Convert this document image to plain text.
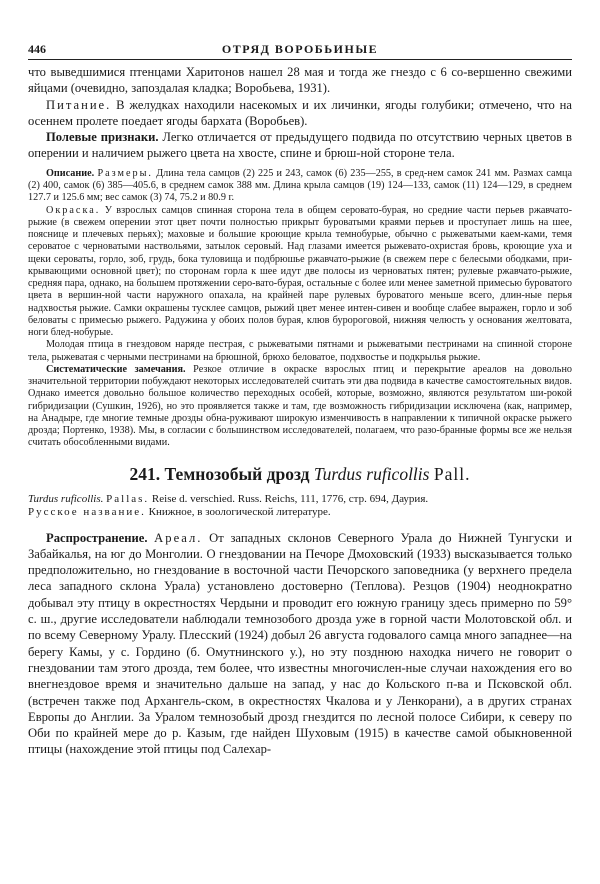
446	ОТРЯД ВОРОБЬИНЫЕ

что выведшимися птенцами Харитонов нашел 28 мая и тогда же гнездо с 6 со-вершенно свежими яйцами (очевидно, запоздалая кладка; Воробьева, 1931).

Питание. В желудках находили насекомых и их личинки, ягоды голубики; отмечено, что на осеннем пролете поедает ягоды бархата (Воробьев).

Полевые признаки. Легко отличается от предыдущего подвида по отсутствию черных цветов в оперении и наличием рыжего цвета на хвосте, спине и брюш-ной стороне тела.

Описание. Размеры. Длина тела самцов (2) 225 и 243, самок (6) 235—255, в сред-нем самок 241 мм. Размах самца (2) 400, самок (6) 385—405.6, в среднем самок 388 мм. Длина крыла самцов (19) 124—133, самок (11) 124—129, в среднем 127.7 и 125.6 мм; вес самок (3) 74, 75.2 и 80.9 г.

Окраска. У взрослых самцов спинная сторона тела в общем серовато-бурая, но средние части перьев ржавчато-рыжие (в свежем оперении этот цвет почти полностью прикрыт буроватыми краями перьев и проступает лишь на шее, пояснице и плечевых перьях); маховые и большие кроющие крыла темнобурые, обычно с рыжеватыми каем-ками, темя сероватое с черноватыми наствольями, затылок серовый. Над глазами имеется рыжевато-охристая бровь, кроющие уха и щеки сероваты, горло, зоб, грудь, бока туловища и подбрюшье ржавчато-рыжие (в свежем пере с белесыми ободками, при-крывающими основной цвет); по сторонам горла к шее идут две полосы из черноватых пятен; рулевые ржавчато-рыжие, средняя пара, однако, на большем протяжении серо-вато-бурая, остальные с более или менее заметной примесью буроватого цвета в вершин-ной части наружного опахала, на крайней паре рулевых буроватого меньше всего, длин-ные перья надхвостья рыжие. Самки окрашены тусклее самцов, рыжий цвет менее интен-сивен и вообще слабее выражен, горло и зоб беловаты с примесью рыжего. Радужина у обоих полов бурая, клюв буророгoвой, нижняя челюсть у основания желтовата, ноги блед-нобурые.

Молодая птица в гнездовом наряде пестрая, с рыжеватыми пятнами и рыжеватыми пестринами на спинной стороне тела, рыжеватая с черными пестринами на брюшной, брюхо беловатое, подхвостье и подкрылья рыжие.

Систематические замечания. Резкое отличие в окраске взрослых птиц и перекрытие ареалов на довольно значительной территории побуждают некоторых исследователей считать эти два подвида в качестве самостоятельных видов. Однако имеется довольно большое количество переходных особей, которые, возможно, являются результатом ши-рокой гибридизации (Сушкин, 1926), но это проявляется также и там, где возможность гибридизации исключена (как, например, на Анадыре, где многие темные дрозды обна-руживают широкую изменчивость в направлении к типичной окраске рыжего дрозда; Портенко, 1938). Мы, в согласии с большинством исследователей, полагаем, что разо-бранные формы все же нельзя считать обособленными видами.

241. Темнозобый дрозд Turdus ruficollis Pall.

Turdus ruficollis. Pallas. Reise d. verschied. Russ. Reichs, 111, 1776, стр. 694, Даурия.
Русское название. Книжное, в зоологической литературе.

Распространение. Ареал. От западных склонов Северного Урала до Нижней Тунгуски и Забайкалья, на юг до Монголии. О гнездовании на Печоре Дмоховский (1933) высказывается только предположительно, но гнездование в восточной части Печорского заповедника (у верхнего предела леса западного склона Урала) установлено достоверно (Теплова). Резцов (1904) неоднократно добывал эту птицу в окрестностях Чердыни и проводит его южную границу здесь примерно по 59° с. ш., другие исследователи наблюдали темнозобого дрозда уже в горной части Молотовской обл. и по всему Северному Уралу. Плесский (1924) добыл 26 августа годовалого самца много западнее—на берегу Камы, у с. Гордино (б. Омутнинского у.), но эту позднюю находка ничего не говорит о гнездовании там этого дрозда, тем более, что известны многочислен-ные случаи нахождения его во внегнездовое время и значительно дальше на запад, у нас до Кольского п-ва и Псковской обл. (встречен также под Архангель-ском, в окрестностях Чкалова и у Ленкорани), а в других странах Европы до Англии. За Уралом темнозобый дрозд гнездится по лесной полосе Сибири, к северу по Оби по крайней мере до р. Казым, где найден Шуховым (1915) в качестве самой обыкновенной птицы (нахождение этой птицы под Салехар-
